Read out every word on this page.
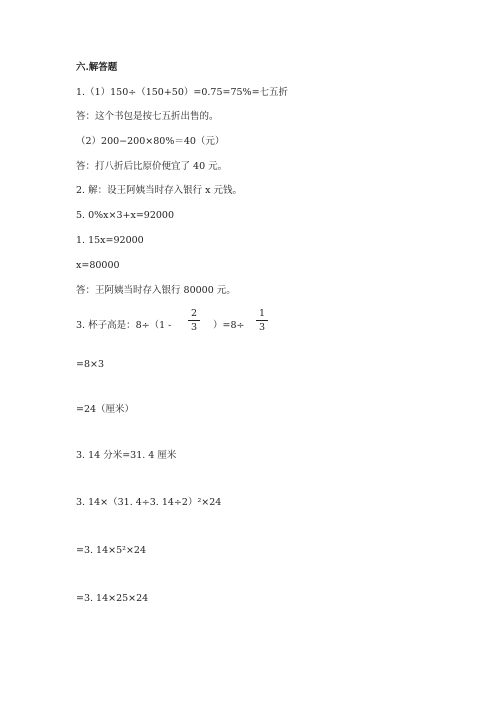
六.解答题
1.（1）150÷（150+50）=0.75=75%=七五折
答：这个书包是按七五折出售的。
（2）200−200×80%＝40（元）
答：打八折后比原价便宜了 40 元。
2. 解：设王阿姨当时存入银行 x 元钱。
5. 0%x×3+x=92000
1. 15x=92000
x=80000
答：王阿姨当时存入银行 80000 元。
3. 杯子高是：8÷（1 -
2
3	）=8÷
1
3
=8×3
=24（厘米）
3. 14 分米=31. 4 厘米
3. 14×（31. 4÷3. 14÷2）²×24
=3. 14×5²×24
=3. 14×25×24
